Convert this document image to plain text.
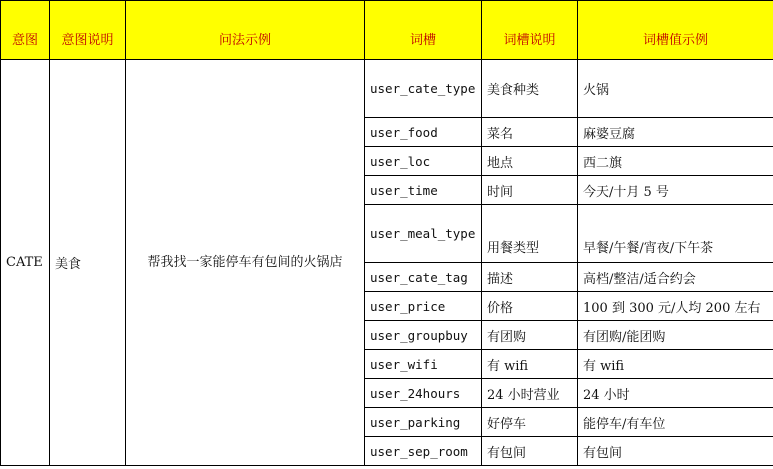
意图	意图说明	问法示例	词槽	词槽说明	词槽值示例
CATE	美食	帮我找一家能停车有包间的火锅店	user_cate_type	美食种类	火锅
			user_food	菜名	麻婆豆腐
			user_loc	地点	西二旗
			user_time	时间	今天/十月 5 号
			user_meal_type	用餐类型	早餐/午餐/宵夜/下午茶
			user_cate_tag	描述	高档/整洁/适合约会
			user_price	价格	100 到 300 元/人均 200 左右
			user_groupbuy	有团购	有团购/能团购
			user_wifi	有 wifi	有 wifi
			user_24hours	24 小时营业	24 小时
			user_parking	好停车	能停车/有车位
			user_sep_room	有包间	有包间
